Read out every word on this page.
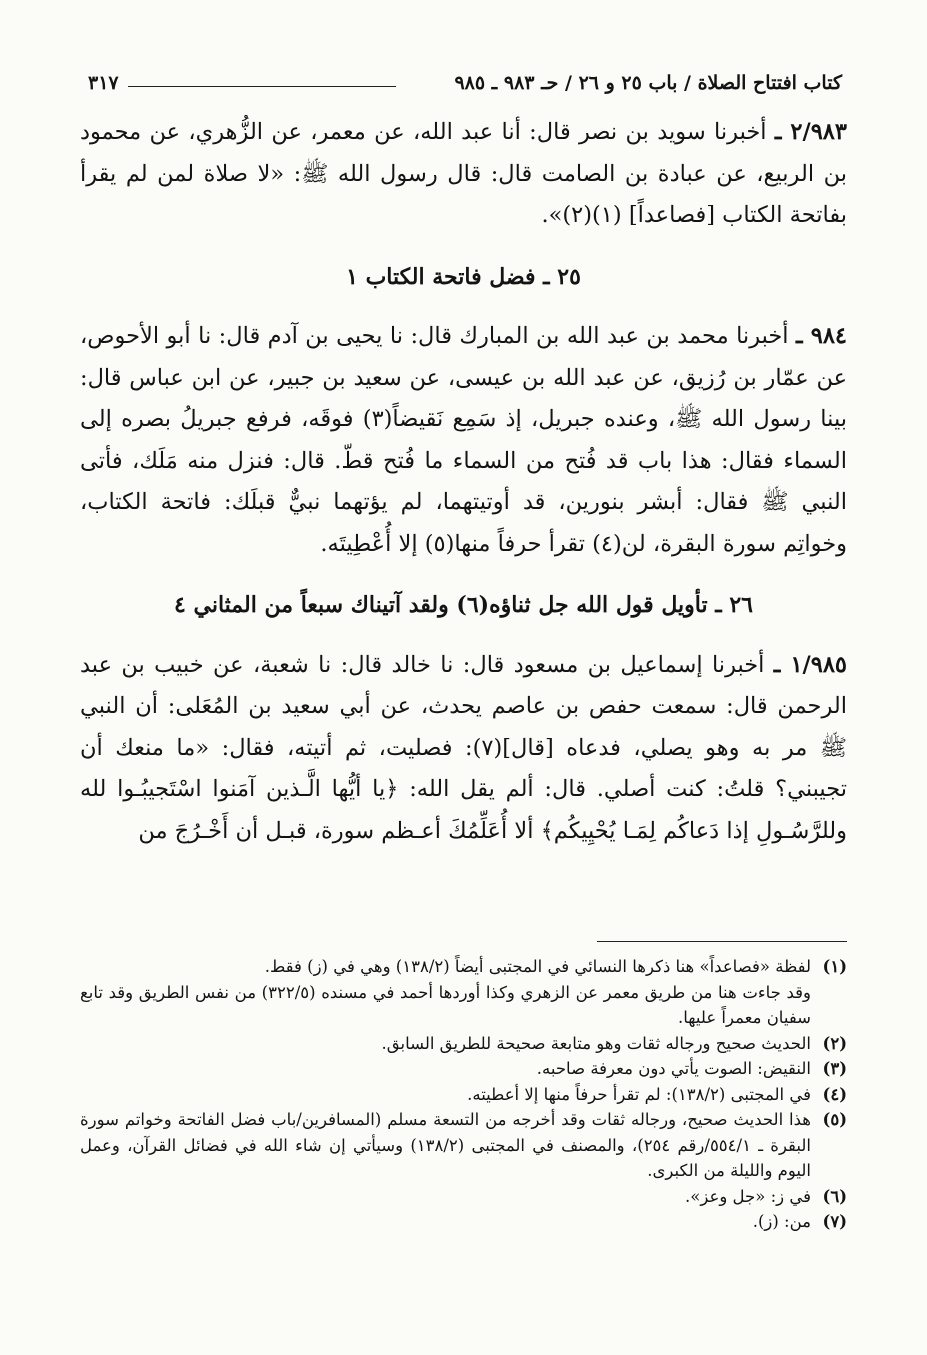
كتاب افتتاح الصلاة / باب ٢٥ و ٢٦ / حـ ٩٨٣ ـ ٩٨٥
٣١٧

٢/٩٨٣ ـ أخبرنا سويد بن نصر قال: أنا عبد الله، عن معمر، عن الزُّهري، عن محمود بن الربيع، عن عبادة بن الصامت قال: قال رسول الله ﷺ: «لا صلاة لمن لم يقرأ بفاتحة الكتاب [فصاعداً] (١)(٢)».

٢٥ ـ فضل فاتحة الكتاب ١

٩٨٤ ـ أخبرنا محمد بن عبد الله بن المبارك قال: نا يحيى بن آدم قال: نا أبو الأحوص، عن عمّار بن رُزيق، عن عبد الله بن عيسى، عن سعيد بن جبير، عن ابن عباس قال: بينا رسول الله ﷺ، وعنده جبريل، إذ سَمِع نَقيضاً(٣) فوقَه، فرفع جبريلُ بصره إلى السماء فقال: هذا باب قد فُتح من السماء ما فُتح قطّ. قال: فنزل منه مَلَك، فأتى النبي ﷺ فقال: أبشر بنورين، قد أوتيتهما، لم يؤتهما نبيٌّ قبلَك: فاتحة الكتاب، وخواتِم سورة البقرة، لن(٤) تقرأ حرفاً منها(٥) إلا أُعْطِيتَه.

٢٦ ـ تأويل قول الله جل ثناؤه(٦) ولقد آتيناك سبعاً من المثاني ٤

١/٩٨٥ ـ أخبرنا إسماعيل بن مسعود قال: نا خالد قال: نا شعبة، عن خبيب بن عبد الرحمن قال: سمعت حفص بن عاصم يحدث، عن أبي سعيد بن المُعَلى: أن النبي ﷺ مر به وهو يصلي، فدعاه [قال](٧): فصليت، ثم أتيته، فقال: «ما منعك أن تجيبني؟ قلتُ: كنت أصلي. قال: ألم يقل الله: ﴿يا أيُّها الَّـذين آمَنوا اسْتَجيبُـوا لله وللرَّسُـولِ إذا دَعاكُم لِمَـا يُحْيِيكُم﴾ ألا أُعَلِّمُكَ أعـظم سورة، قبـل أن أَخْـرُجَ من

(١)
لفظة «فصاعداً» هنا ذكرها النسائي في المجتبى أيضاً (١٣٨/٢) وهي في (ز) فقط.
وقد جاءت هنا من طريق معمر عن الزهري وكذا أوردها أحمد في مسنده (٣٢٢/٥) من نفس الطريق وقد تابع سفيان معمراً عليها.
(٢)
الحديث صحيح ورجاله ثقات وهو متابعة صحيحة للطريق السابق.
(٣)
النقيض: الصوت يأتي دون معرفة صاحبه.
(٤)
في المجتبى (١٣٨/٢): لم تقرأ حرفاً منها إلا أعطيته.
(٥)
هذا الحديث صحيح، ورجاله ثقات وقد أخرجه من التسعة مسلم (المسافرين/باب فضل الفاتحة وخواتم سورة البقرة ـ ٥٥٤/١/رقم ٢٥٤)، والمصنف في المجتبى (١٣٨/٢) وسيأتي إن شاء الله في فضائل القرآن، وعمل اليوم والليلة من الكبرى.
(٦)
في ز: «جل وعز».
(٧)
من: (ز).
